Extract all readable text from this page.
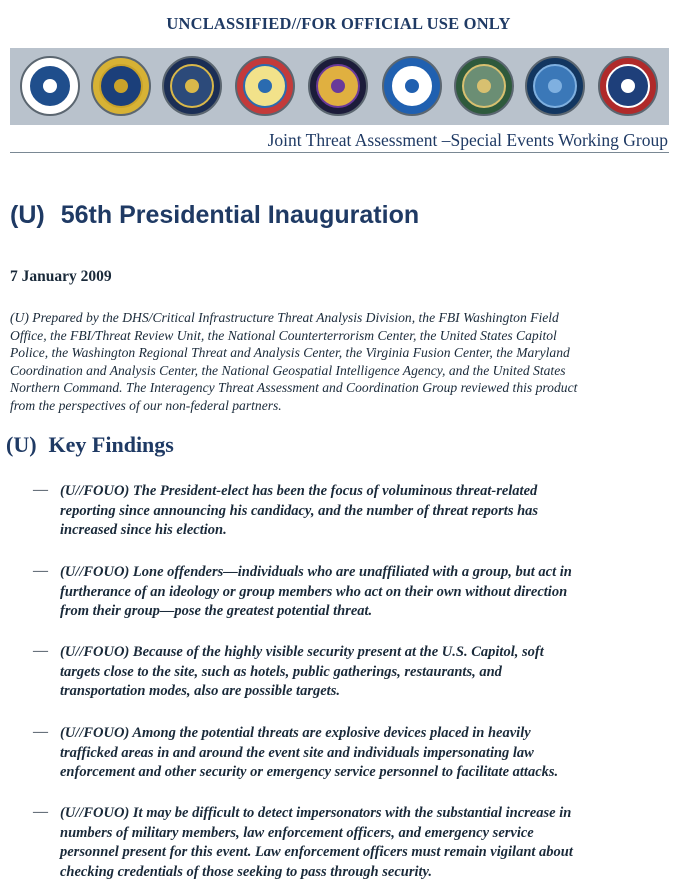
UNCLASSIFIED//FOR OFFICIAL USE ONLY
Joint Threat Assessment –Special Events Working Group
(U) 56th Presidential Inauguration
7 January 2009
(U) Prepared by the DHS/Critical Infrastructure Threat Analysis Division, the FBI Washington Field
Office, the FBI/Threat Review Unit, the National Counterterrorism Center, the United States Capitol
Police, the Washington Regional Threat and Analysis Center, the Virginia Fusion Center, the Maryland
Coordination and Analysis Center, the National Geospatial Intelligence Agency, and the United States
Northern Command. The Interagency Threat Assessment and Coordination Group reviewed this product
from the perspectives of our non-federal partners.
(U) Key Findings
— (U//FOUO) The President-elect has been the focus of voluminous threat-related
reporting since announcing his candidacy, and the number of threat reports has
increased since his election.
— (U//FOUO) Lone offenders—individuals who are unaffiliated with a group, but act in
furtherance of an ideology or group members who act on their own without direction
from their group—pose the greatest potential threat.
— (U//FOUO) Because of the highly visible security present at the U.S. Capitol, soft
targets close to the site, such as hotels, public gatherings, restaurants, and
transportation modes, also are possible targets.
— (U//FOUO) Among the potential threats are explosive devices placed in heavily
trafficked areas in and around the event site and individuals impersonating law
enforcement and other security or emergency service personnel to facilitate attacks.
— (U//FOUO) It may be difficult to detect impersonators with the substantial increase in
numbers of military members, law enforcement officers, and emergency service
personnel present for this event. Law enforcement officers must remain vigilant about
checking credentials of those seeking to pass through security.
